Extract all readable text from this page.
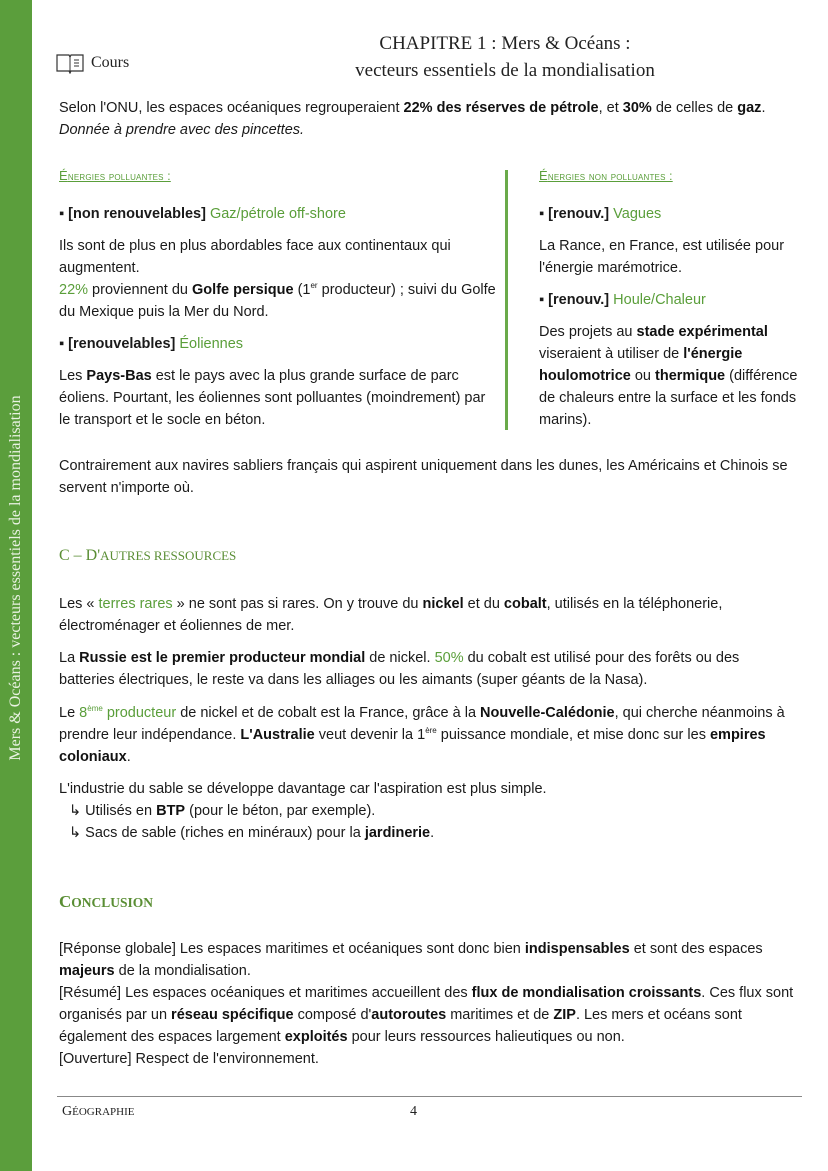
Mers & Océans : vecteurs essentiels de la mondialisation
Cours
CHAPITRE 1 : Mers & Océans :
vecteurs essentiels de la mondialisation
Selon l'ONU, les espaces océaniques regrouperaient 22% des réserves de pétrole, et 30% de celles de gaz. Donnée à prendre avec des pincettes.
Énergies polluantes :
▪ [non renouvelables] Gaz/pétrole off-shore
Ils sont de plus en plus abordables face aux continentaux qui augmentent.
22% proviennent du Golfe persique (1er producteur) ; suivi du Golfe du Mexique puis la Mer du Nord.
▪ [renouvelables] Éoliennes
Les Pays-Bas est le pays avec la plus grande surface de parc éoliens. Pourtant, les éoliennes sont polluantes (moindrement) par le transport et le socle en béton.
Énergies non polluantes :
▪ [renouv.] Vagues
La Rance, en France, est utilisée pour l'énergie marémotrice.
▪ [renouv.] Houle/Chaleur
Des projets au stade expérimental viseraient à utiliser de l'énergie houlomotrice ou thermique (différence de chaleurs entre la surface et les fonds marins).
Contrairement aux navires sabliers français qui aspirent uniquement dans les dunes, les Américains et Chinois se servent n'importe où.
C – D'AUTRES RESSOURCES
Les « terres rares » ne sont pas si rares. On y trouve du nickel et du cobalt, utilisés en la téléphonerie, électroménager et éoliennes de mer.
La Russie est le premier producteur mondial de nickel. 50% du cobalt est utilisé pour des forêts ou des batteries électriques, le reste va dans les alliages ou les aimants (super géants de la Nasa).
Le 8ème producteur de nickel et de cobalt est la France, grâce à la Nouvelle-Calédonie, qui cherche néanmoins à prendre leur indépendance. L'Australie veut devenir la 1ère puissance mondiale, et mise donc sur les empires coloniaux.
L'industrie du sable se développe davantage car l'aspiration est plus simple.
↳ Utilisés en BTP (pour le béton, par exemple).
↳ Sacs de sable (riches en minéraux) pour la jardinerie.
CONCLUSION
[Réponse globale] Les espaces maritimes et océaniques sont donc bien indispensables et sont des espaces majeurs de la mondialisation.
[Résumé] Les espaces océaniques et maritimes accueillent des flux de mondialisation croissants. Ces flux sont organisés par un réseau spécifique composé d'autoroutes maritimes et de ZIP. Les mers et océans sont également des espaces largement exploités pour leurs ressources halieutiques ou non.
[Ouverture] Respect de l'environnement.
GÉOGRAPHIE	4
